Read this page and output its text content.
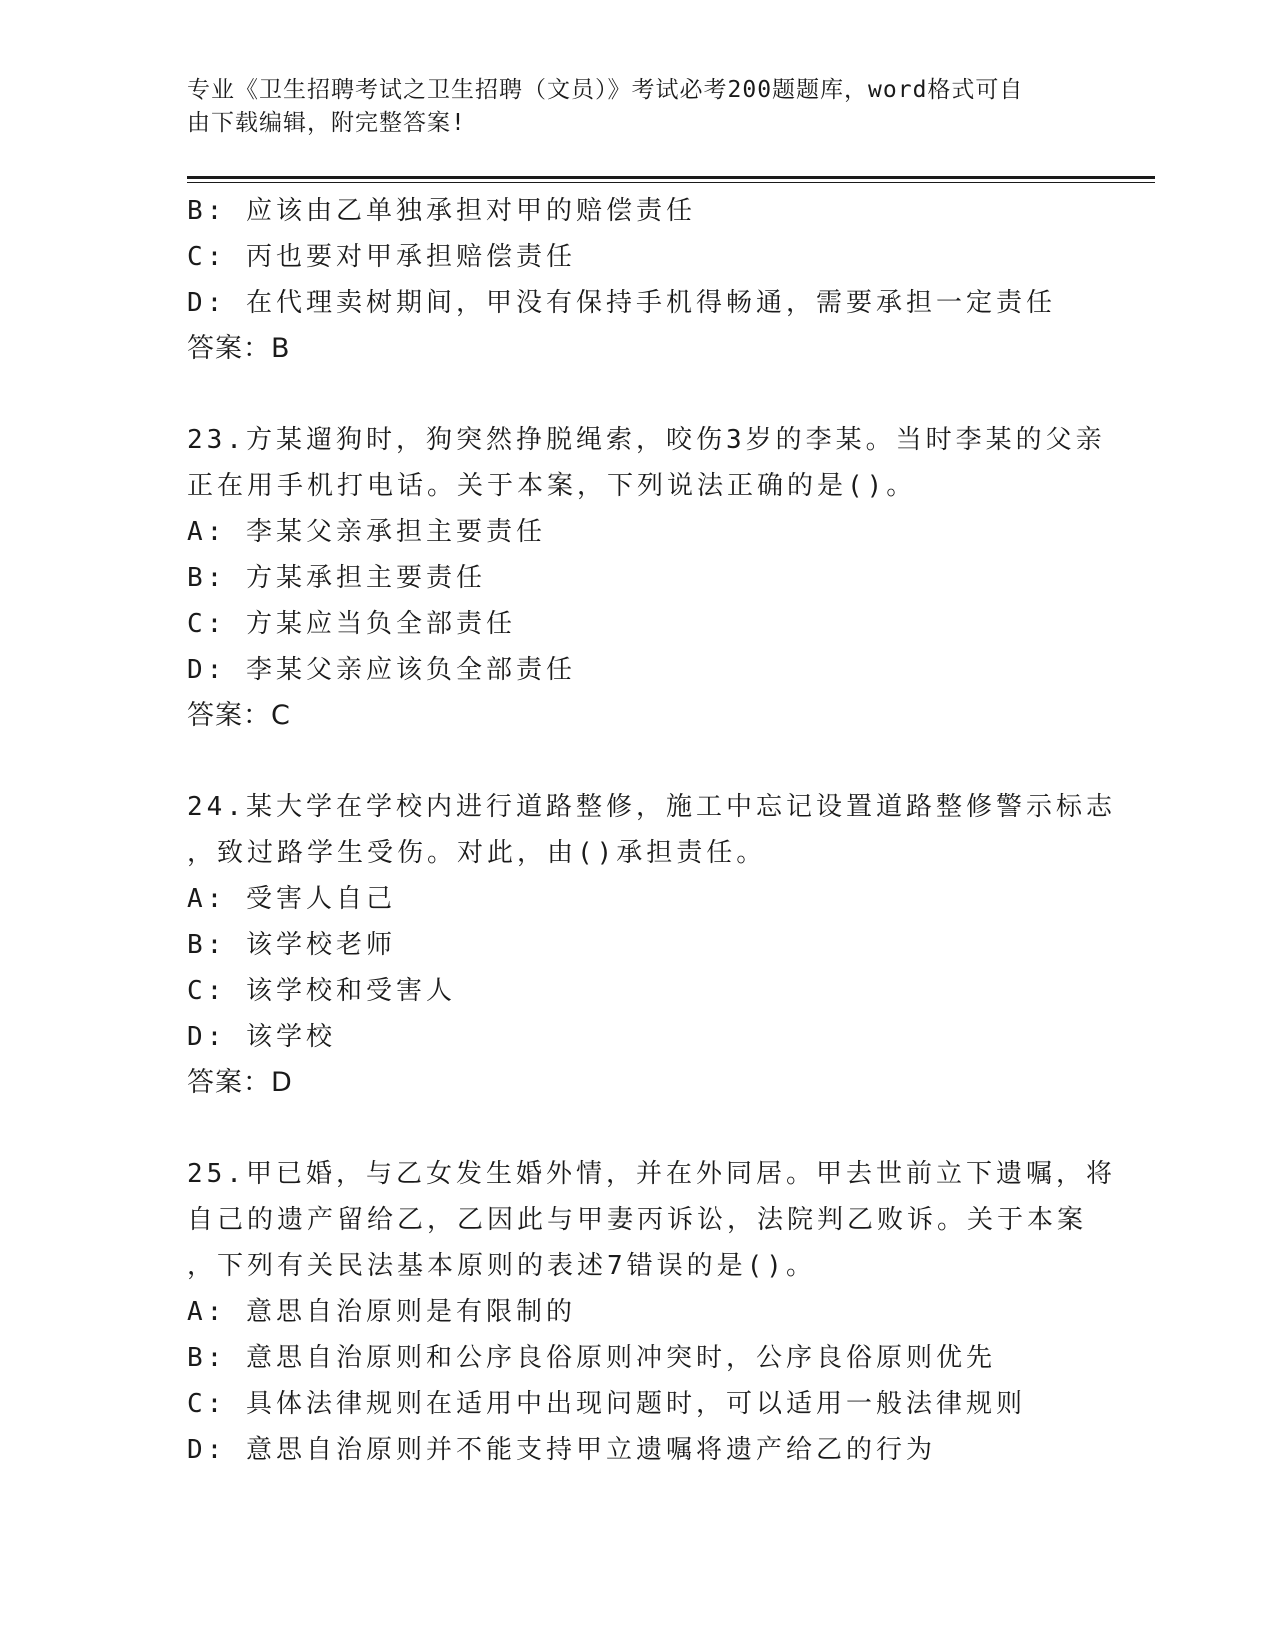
专业《卫生招聘考试之卫生招聘（文员）》考试必考200题题库，word格式可自
由下载编辑，附完整答案!
B: 应该由乙单独承担对甲的赔偿责任
C: 丙也要对甲承担赔偿责任
D: 在代理卖树期间，甲没有保持手机得畅通，需要承担一定责任
答案：B
23.方某遛狗时，狗突然挣脱绳索，咬伤3岁的李某。当时李某的父亲
正在用手机打电话。关于本案，下列说法正确的是()。
A: 李某父亲承担主要责任
B: 方某承担主要责任
C: 方某应当负全部责任
D: 李某父亲应该负全部责任
答案：C
24.某大学在学校内进行道路整修，施工中忘记设置道路整修警示标志
，致过路学生受伤。对此，由()承担责任。
A: 受害人自己
B: 该学校老师
C: 该学校和受害人
D: 该学校
答案：D
25.甲已婚，与乙女发生婚外情，并在外同居。甲去世前立下遗嘱，将
自己的遗产留给乙，乙因此与甲妻丙诉讼，法院判乙败诉。关于本案
，下列有关民法基本原则的表述7错误的是()。
A: 意思自治原则是有限制的
B: 意思自治原则和公序良俗原则冲突时，公序良俗原则优先
C: 具体法律规则在适用中出现问题时，可以适用一般法律规则
D: 意思自治原则并不能支持甲立遗嘱将遗产给乙的行为
